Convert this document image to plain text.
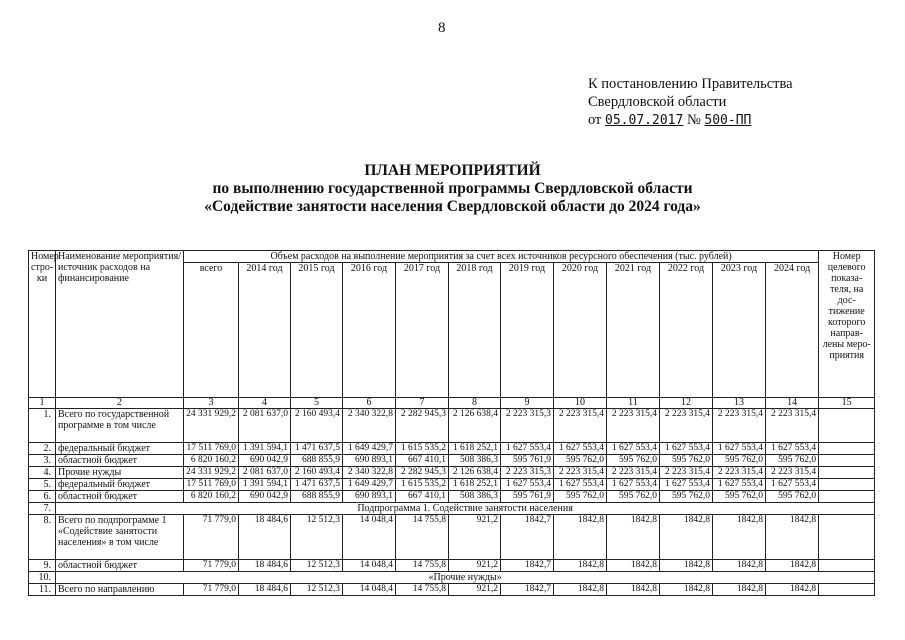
8
К постановлению Правительства
Свердловской области
от 05.07.2017 № 500-ПП
ПЛАН МЕРОПРИЯТИЙ
по выполнению государственной программы Свердловской области
«Содействие занятости населения Свердловской области до 2024 года»
Номер стро-ки	Наименование мероприятия/ источник расходов на финансирование	Объем расходов на выполнение мероприятия за счет всех источников ресурсного обеспечения (тыс. рублей)												Номер целевого показа-теля, на дос-тижение которого направ-лены меро-приятия
		всего	2014 год	2015 год	2016 год	2017 год	2018 год	2019 год	2020 год	2021 год	2022 год	2023 год	2024 год	
1	2	3	4	5	6	7	8	9	10	11	12	13	14	15
1.	Всего по государственной программе в том числе	24 331 929,2	2 081 637,0	2 160 493,4	2 340 322,8	2 282 945,3	2 126 638,4	2 223 315,3	2 223 315,4	2 223 315,4	2 223 315,4	2 223 315,4	2 223 315,4	
2.	федеральный бюджет	17 511 769,0	1 391 594,1	1 471 637,5	1 649 429,7	1 615 535,2	1 618 252,1	1 627 553,4	1 627 553,4	1 627 553,4	1 627 553,4	1 627 553,4	1 627 553,4	
3.	областной бюджет	6 820 160,2	690 042,9	688 855,9	690 893,1	667 410,1	508 386,3	595 761,9	595 762,0	595 762,0	595 762,0	595 762,0	595 762,0	
4.	Прочие нужды	24 331 929,2	2 081 637,0	2 160 493,4	2 340 322,8	2 282 945,3	2 126 638,4	2 223 315,3	2 223 315,4	2 223 315,4	2 223 315,4	2 223 315,4	2 223 315,4	
5.	федеральный бюджет	17 511 769,0	1 391 594,1	1 471 637,5	1 649 429,7	1 615 535,2	1 618 252,1	1 627 553,4	1 627 553,4	1 627 553,4	1 627 553,4	1 627 553,4	1 627 553,4	
6.	областной бюджет	6 820 160,2	690 042,9	688 855,9	690 893,1	667 410,1	508 386,3	595 761,9	595 762,0	595 762,0	595 762,0	595 762,0	595 762,0	
7.	Подпрограмма 1. Содействие занятости населения													
8.	Всего по подпрограмме 1 «Содействие занятости населения» в том числе	71 779,0	18 484,6	12 512,3	14 048,4	14 755,8	921,2	1842,7	1842,8	1842,8	1842,8	1842,8	1842,8	
9.	областной бюджет	71 779,0	18 484,6	12 512,3	14 048,4	14 755,8	921,2	1842,7	1842,8	1842,8	1842,8	1842,8	1842,8	
10.	«Прочие нужды»													
11.	Всего по направлению	71 779,0	18 484,6	12 512,3	14 048,4	14 755,8	921,2	1842,7	1842,8	1842,8	1842,8	1842,8	1842,8	
